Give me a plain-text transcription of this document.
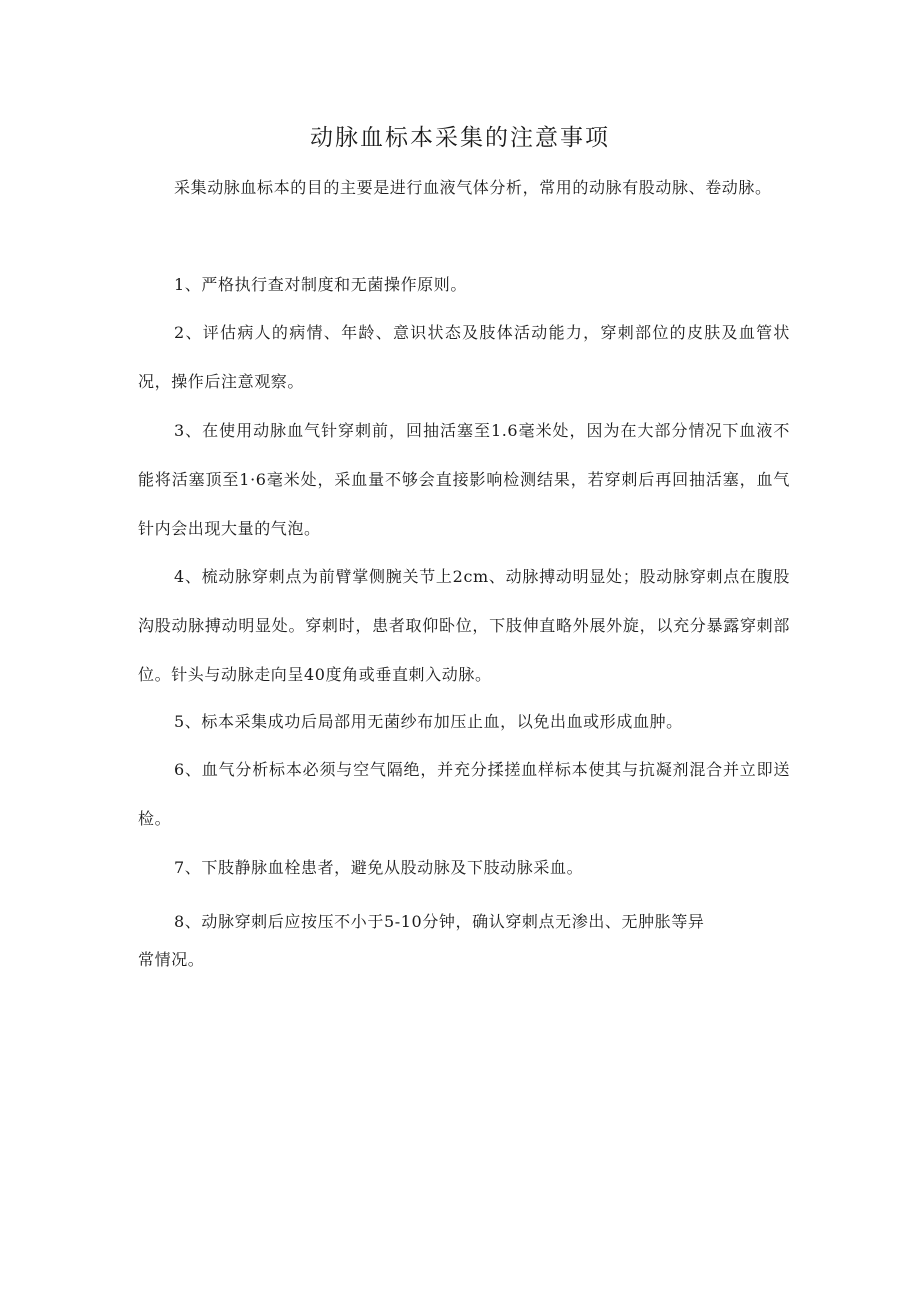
动脉血标本采集的注意事项

采集动脉血标本的目的主要是进行血液气体分析，常用的动脉有股动脉、卷动脉。

1、严格执行查对制度和无菌操作原则。

2、评估病人的病情、年龄、意识状态及肢体活动能力，穿刺部位的皮肤及血管状况，操作后注意观察。

3、在使用动脉血气针穿刺前，回抽活塞至1.6毫米处，因为在大部分情况下血液不能将活塞顶至1·6毫米处，采血量不够会直接影响检测结果，若穿刺后再回抽活塞，血气针内会出现大量的气泡。

4、梳动脉穿刺点为前臂掌侧腕关节上2cm、动脉搏动明显处；股动脉穿刺点在腹股沟股动脉搏动明显处。穿刺时，患者取仰卧位，下肢伸直略外展外旋，以充分暴露穿刺部位。针头与动脉走向呈40度角或垂直刺入动脉。

5、标本采集成功后局部用无菌纱布加压止血，以免出血或形成血肿。

6、血气分析标本必须与空气隔绝，并充分揉搓血样标本使其与抗凝剂混合并立即送检。

7、下肢静脉血栓患者，避免从股动脉及下肢动脉采血。

8、动脉穿刺后应按压不小于5-10分钟，确认穿刺点无渗出、无肿胀等异

常情况。
